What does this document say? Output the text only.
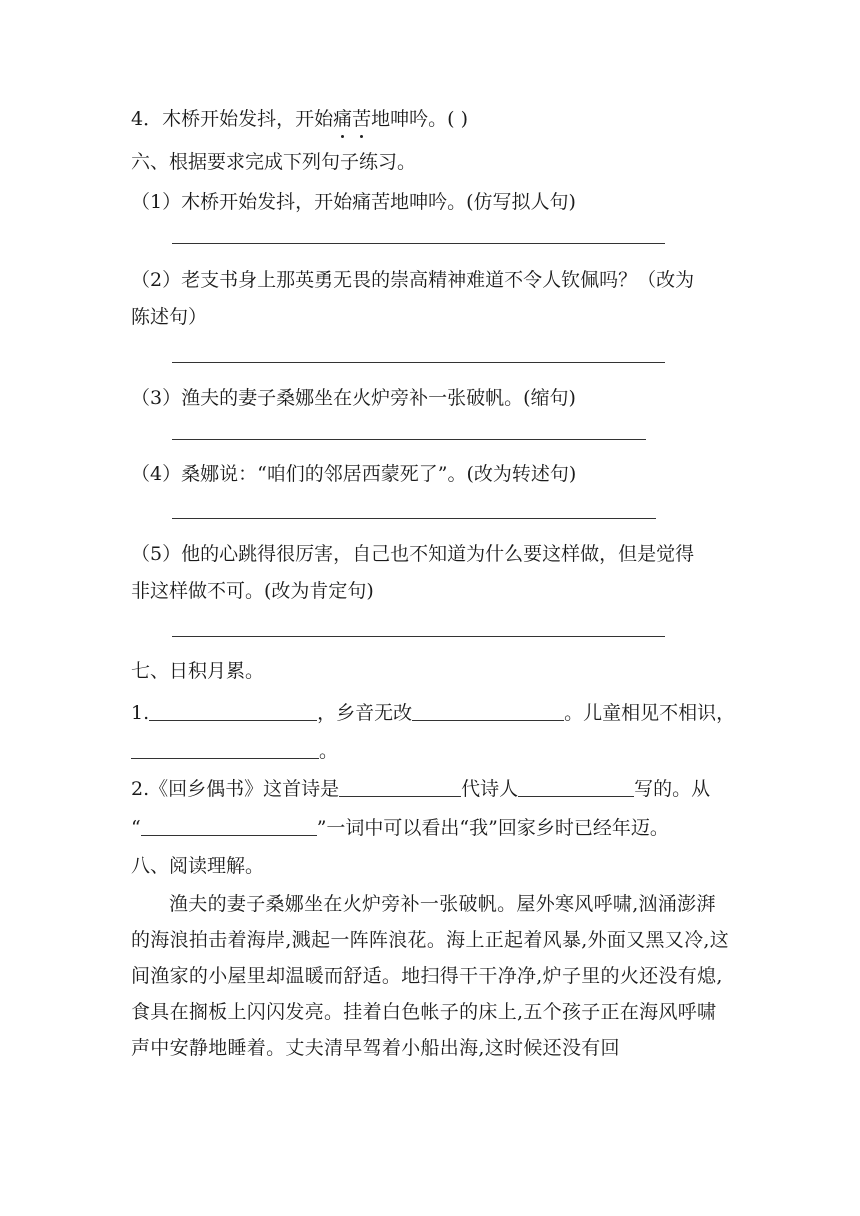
4．木桥开始发抖，开始痛苦地呻吟。( )
六、根据要求完成下列句子练习。
（1）木桥开始发抖，开始痛苦地呻吟。(仿写拟人句)
（2）老支书身上那英勇无畏的崇高精神难道不令人钦佩吗？（改为
陈述句）
（3）渔夫的妻子桑娜坐在火炉旁补一张破帆。(缩句)
（4）桑娜说：“咱们的邻居西蒙死了”。(改为转述句)
（5）他的心跳得很厉害，自己也不知道为什么要这样做，但是觉得
非这样做不可。(改为肯定句)
七、日积月累。
1.	，乡音无改	。儿童相见不相识，
。
2.《回乡偶书》这首诗是	代诗人	写的。从
“	”一词中可以看出“我”回家乡时已经年迈。
八、阅读理解。
渔夫的妻子桑娜坐在火炉旁补一张破帆。屋外寒风呼啸,汹涌澎湃的海浪拍击着海岸,溅起一阵阵浪花。海上正起着风暴,外面又黑又冷,这间渔家的小屋里却温暖而舒适。地扫得干干净净,炉子里的火还没有熄,食具在搁板上闪闪发亮。挂着白色帐子的床上,五个孩子正在海风呼啸声中安静地睡着。丈夫清早驾着小船出海,这时候还没有回
